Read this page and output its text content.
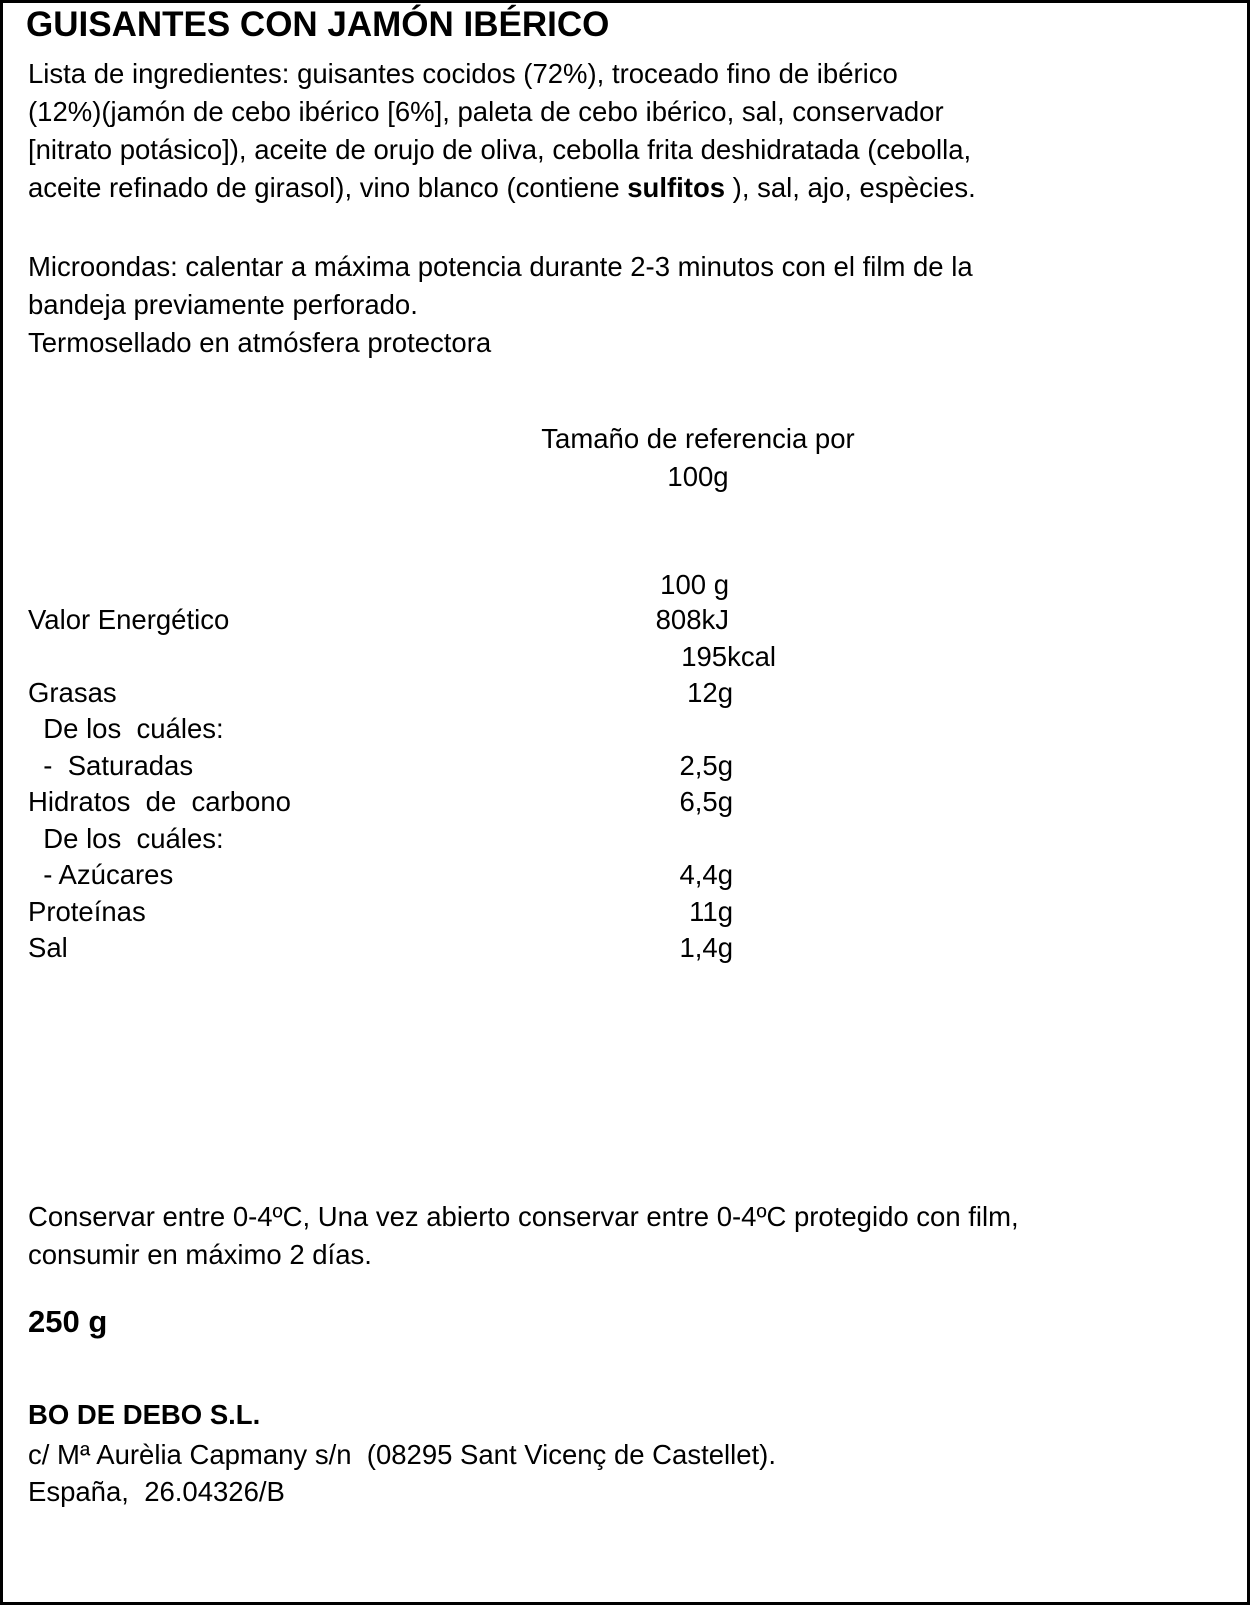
GUISANTES CON JAMÓN IBÉRICO
Lista de ingredientes: guisantes cocidos (72%), troceado fino de ibérico
(12%)(jamón de cebo ibérico [6%], paleta de cebo ibérico, sal, conservador
[nitrato potásico]), aceite de orujo de oliva, cebolla frita deshidratada (cebolla,
aceite refinado de girasol), vino blanco (contiene sulfitos ), sal, ajo, espècies.
Microondas: calentar a máxima potencia durante 2-3 minutos con el film de la
bandeja previamente perforado.
Termosellado en atmósfera protectora
Tamaño de referencia por
100g
100 g
Valor Energético	808kJ
195kcal
Grasas	12g
De los  cuáles:
-  Saturadas	2,5g
Hidratos  de  carbono	6,5g
De los  cuáles:
- Azúcares	4,4g
Proteínas	11g
Sal	1,4g
Conservar entre 0-4ºC, Una vez abierto conservar entre 0-4ºC protegido con film,
consumir en máximo 2 días.
250 g
BO DE DEBO S.L.
c/ Mª Aurèlia Capmany s/n  (08295 Sant Vicenç de Castellet).
España,  26.04326/B
